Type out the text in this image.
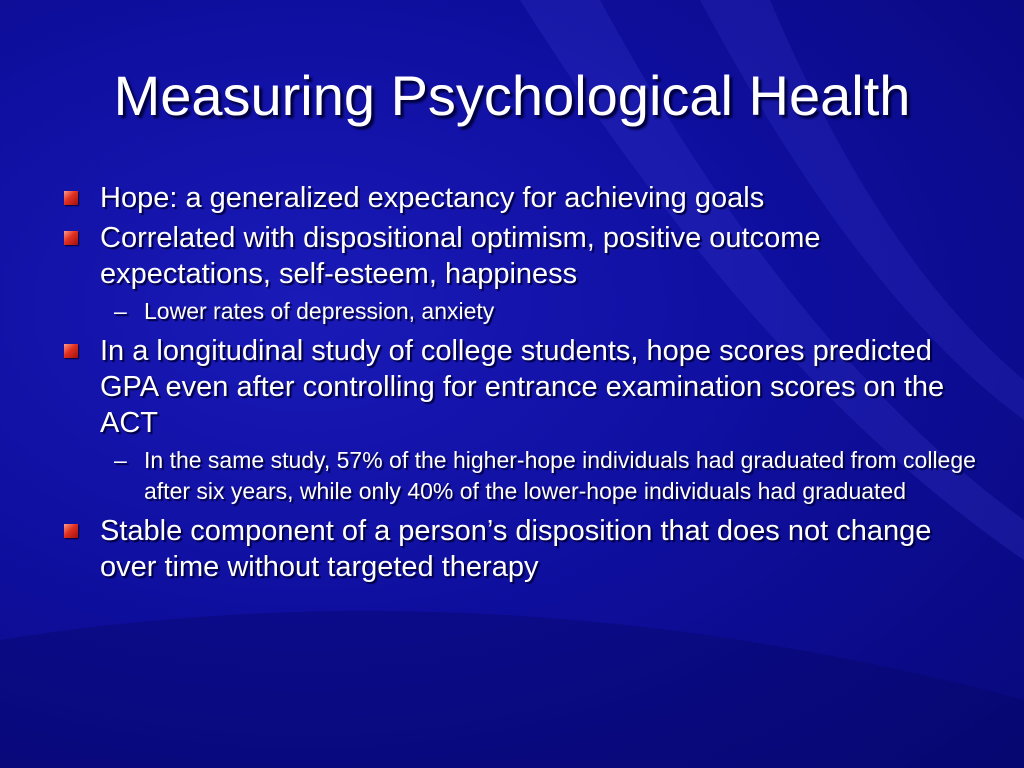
Measuring Psychological Health
Hope: a generalized expectancy for achieving goals
Correlated with dispositional optimism, positive outcome expectations, self-esteem, happiness
– Lower rates of depression, anxiety
In a longitudinal study of college students, hope scores predicted GPA even after controlling for entrance examination scores on the ACT
– In the same study, 57% of the higher-hope individuals had graduated from college after six years, while only 40% of the lower-hope individuals had graduated
Stable component of a person’s disposition that does not change over time without targeted therapy
